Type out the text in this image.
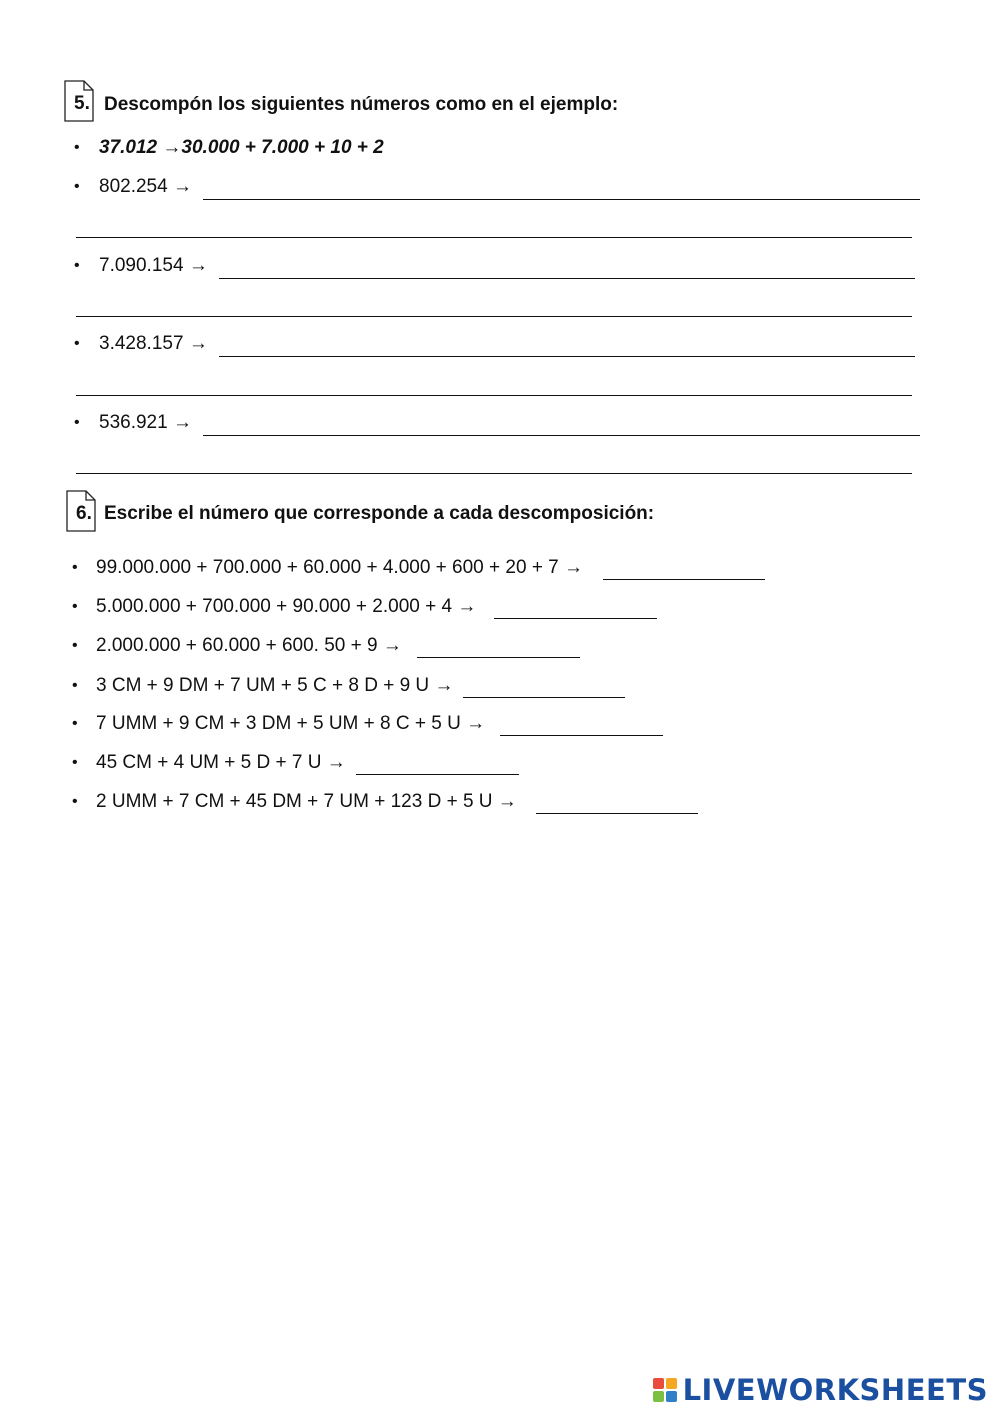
5. Descompón los siguientes números como en el ejemplo:
• 37.012 →30.000 + 7.000 + 10 + 2
• 802.254 →
• 7.090.154 →
• 3.428.157 →
• 536.921 →
6. Escribe el número que corresponde a cada descomposición:
• 99.000.000 + 700.000 + 60.000 + 4.000 + 600 + 20 + 7 →
• 5.000.000 + 700.000 + 90.000 + 2.000 + 4 →
• 2.000.000 + 60.000 + 600. 50 + 9 →
• 3 CM + 9 DM + 7 UM + 5 C + 8 D + 9 U →
• 7 UMM + 9 CM + 3 DM + 5 UM + 8 C + 5 U →
• 45 CM + 4 UM + 5 D + 7 U →
• 2 UMM + 7 CM + 45 DM + 7 UM + 123 D + 5 U →
LIVEWORKSHEETS
